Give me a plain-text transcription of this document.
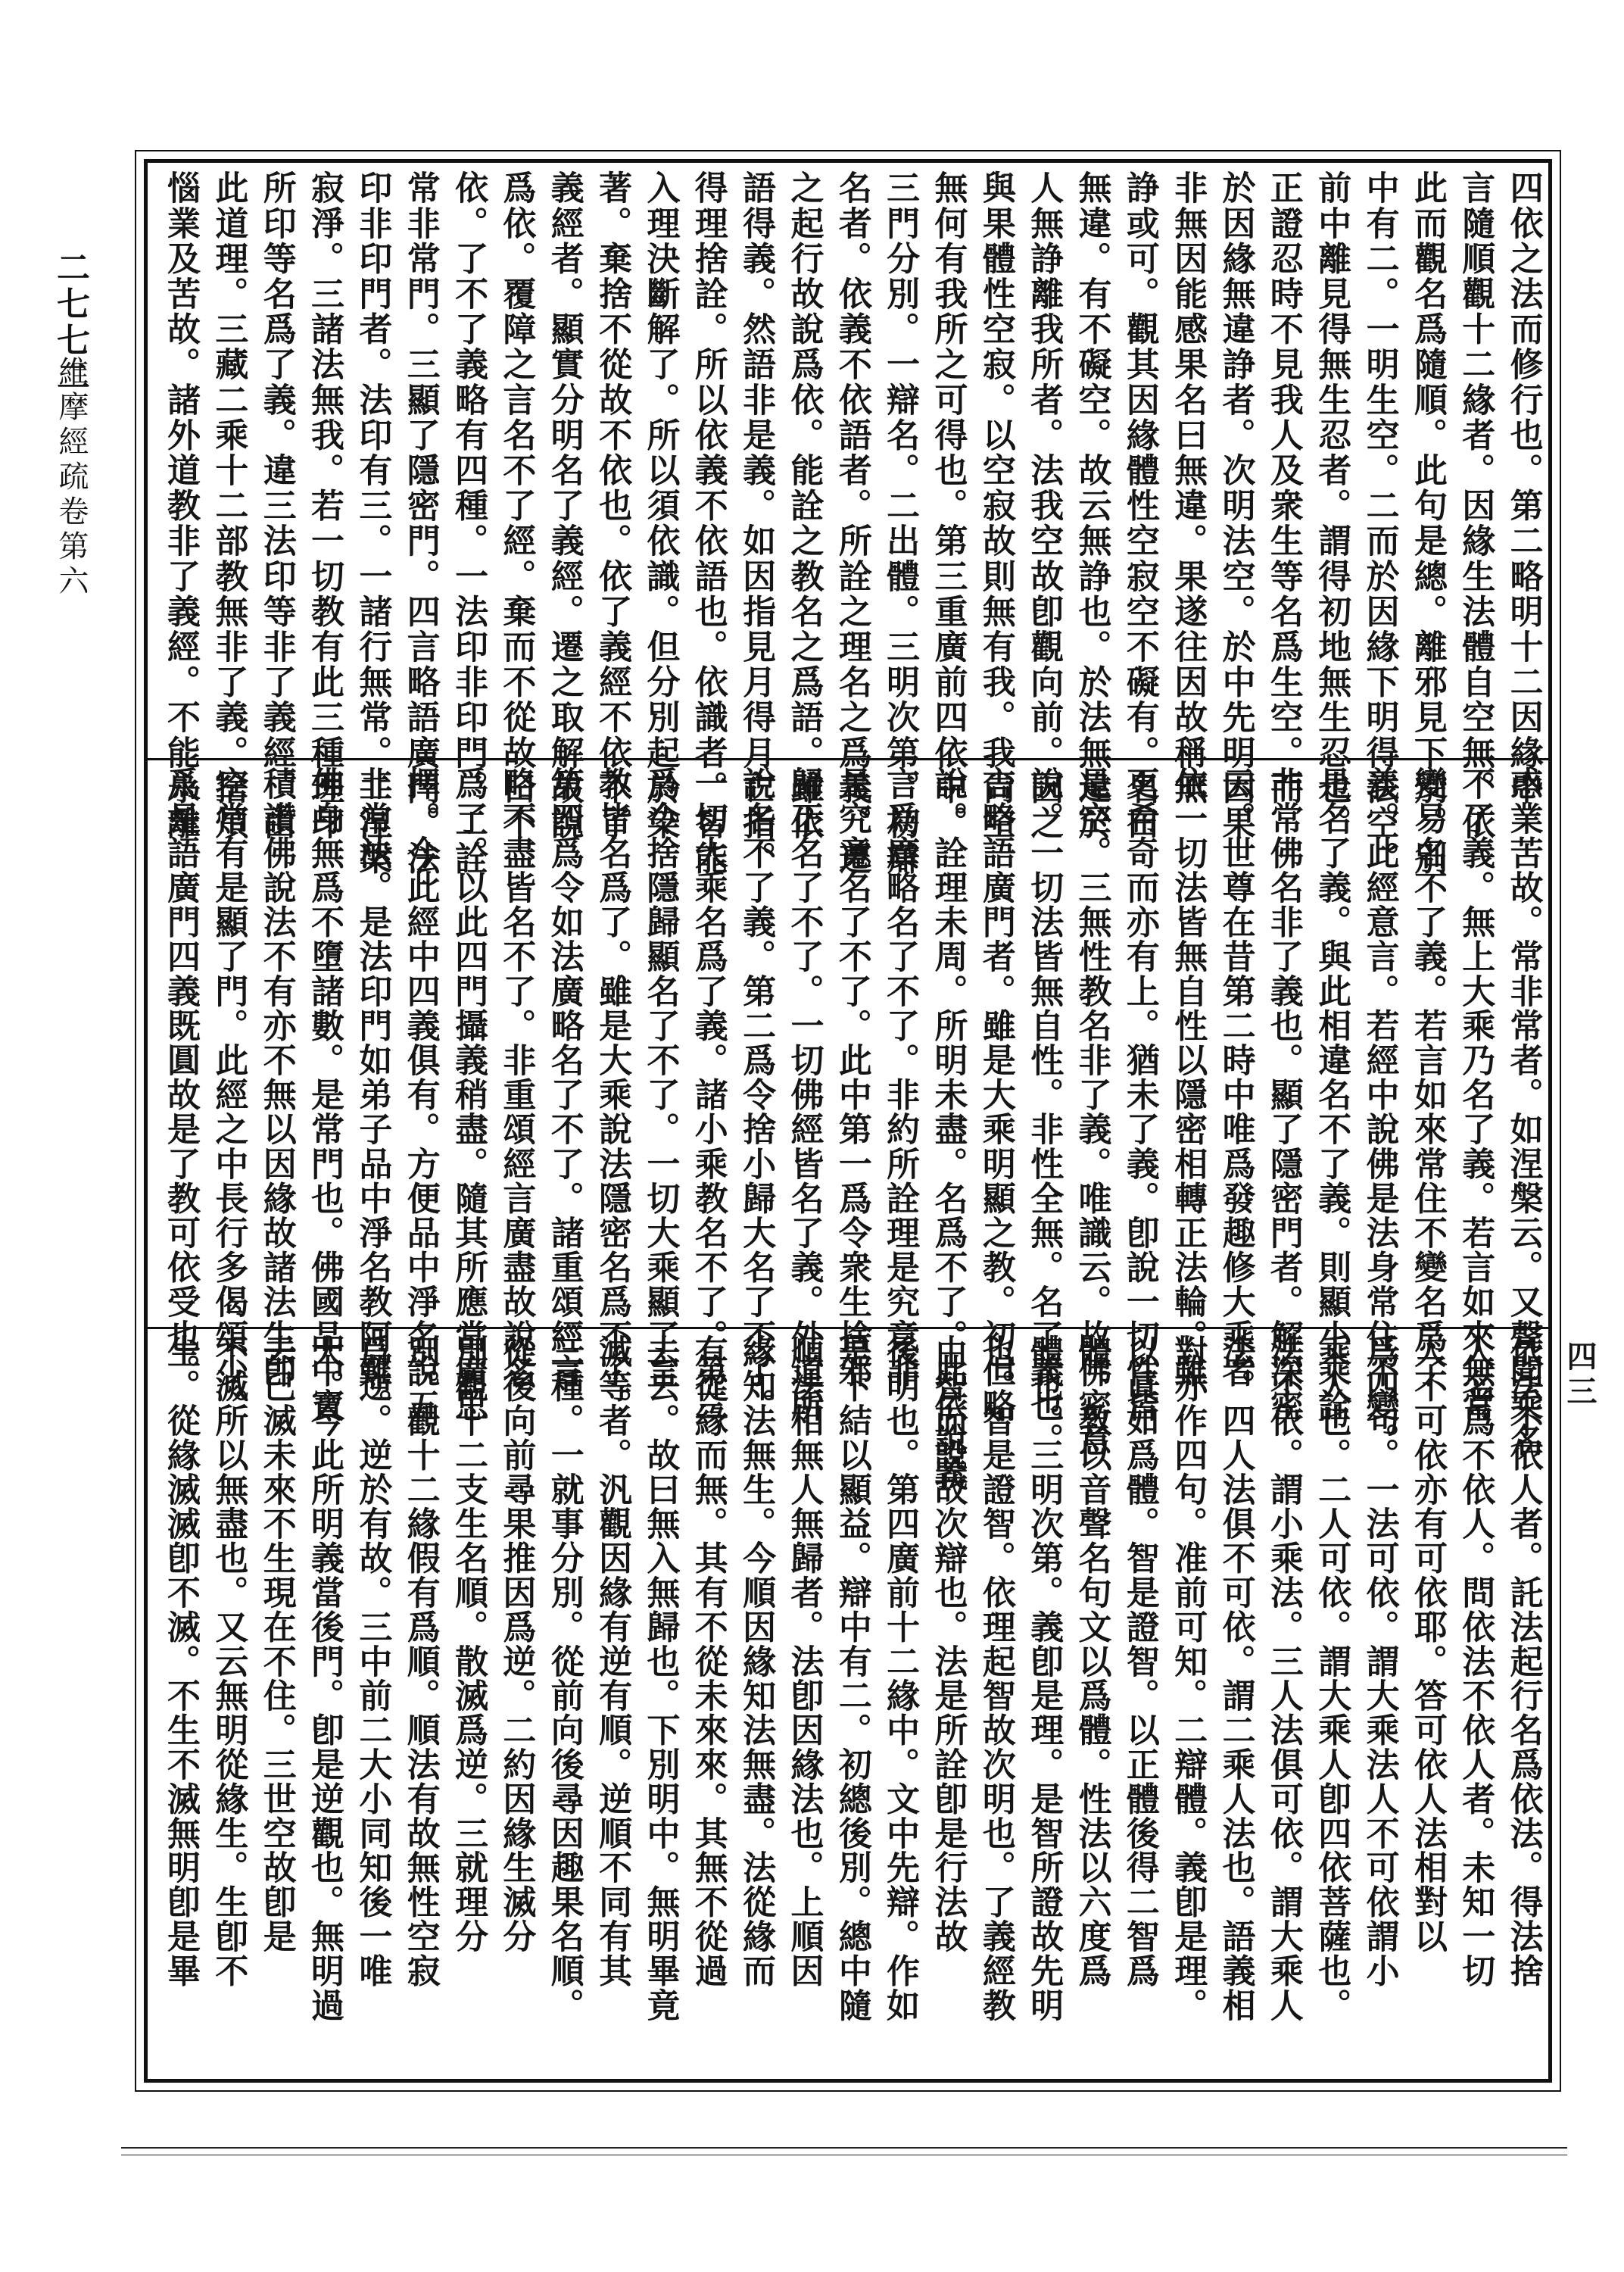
二七七二
維摩經疏卷第六
四三
四依之法而修行也。第二略明十二因緣中
言隨順觀十二緣者。因緣生法體自空無。依
此而觀名爲隨順。此句是總。離邪見下別。別
中有二。一明生空。二而於因緣下明得法空。
前中離見得無生忍者。謂得初地無生忍也。
正證忍時不見我人及衆生等名爲生空。而
於因緣無違諍者。次明法空。於中先明因果
非無因能感果名曰無違。果遂往因故稱無
諍或可。觀其因緣體性空寂空不礙有。名曰
無違。有不礙空。故云無諍也。於法無違於
人無諍離我所者。法我空故卽觀向前。因之
與果體性空寂。以空寂故則無有我。我尙空
無何有我所之可得也。第三重廣前四依中。
三門分別。一辯名。二出體。三明次第。初辯
名者。依義不依語者。所詮之理名之爲義。遷
之起行故說爲依。能詮之教名之爲語。雖依
語得義。然語非是義。如因指見月得月亡指。
得理捨詮。所以依義不依語也。依識者。智能
入理決斷解了。所以須依識。但分別起於染
著。棄捨不從故不依也。依了義經不依不了
義經者。顯實分明名了義經。遷之取解故說
爲依。覆障之言名不了經。棄而不從故曰不
依。了不了義略有四種。一法印非印門。二詮
常非常門。三顯了隱密門。四言略語廣門。法
印非印門者。法印有三。一諸行無常。二涅槃
寂淨。三諸法無我。若一切教有此三種理印
所印等名爲了義。違三法印等非了義經。由
此道理。三藏二乘十二部教無非了義。捨煩
惱業及苦故。諸外道教非了義經。不能永離
惑業苦故。常非常者。如涅槃云。又聲聞乘名
不了義。無上大乘乃名了義。若言如來無常
變易名不了義。若言如來常住不變名爲了
義。此經意言。若經中說佛是法身常住不變。
是名了義。與此相違名不了義。則顯小乘詮
非常佛名非了義也。顯了隱密門者。解深密
云。世尊在昔第二時中唯爲發趣修大乘者
依一切法皆無自性以隱密相轉正法輪。雖
更希奇而亦有上。猶未了義。卽說一切性皆
是空。三無性教名非了義。唯識云。故佛密意
說。一切法皆無自性。非性全無。名了義也。
言略語廣門者。雖是大乘明顯之教。初但略
說。詮理未周。所明未盡。名爲不了。此依說義
言爲廣略名了不了。非約所詮理是究竟非
是究竟名了不了。此中第一爲令衆生捨邪
歸正名了不了。一切佛經皆名了義。外道所
說名不了義。第二爲令捨小歸大名了不了。
一切大乘名爲了義。諸小乘教名不了。第三
爲令捨隱歸顯名了不了。一切大乘顯了言
教皆名爲了。雖是大乘說法隱密名爲不了。
第四爲令如法廣略名了不了。諸重頌經言
略不盡皆名不了。非重頌經言廣盡故說名
爲了。以此四門攝義稍盡。隨其所應當廣思
擇。今此經中四義俱有。方便品中淨名說五
非常法。是法印門如弟子品中淨名教阿難。
佛身無爲不墮諸數。是常門也。佛國品中寶
積讚佛說法不有亦不無以因緣故諸法生卽
空常有是顯了門。此經之中長行多偈頌少。
爲是語廣門四義既圓故是了教可依受也。
依法不依人者。託法起行名爲依法。得法捨
人名爲不依人。問依法不依人者。未知一切
人不可依亦有可依耶。答可依人法相對以
爲四句。一法可依。謂大乘法人不可依謂小
乘人也。二人可依。謂大乘人卽四依菩薩也。
法不依。謂小乘法。三人法俱可依。謂大乘人
法。四人法俱不可依。謂二乘人法也。語義相
對亦作四句。准前可知。二辯體。義卽是理。
以眞如爲體。智是證智。以正體後得二智爲
體。教以音聲名句文以爲體。性法以六度爲
體也。三明次第。義卽是理。是智所證故先明
也。智是證智。依理起智故次明也。了義經教
由智而說故次辯也。法是所詮卽是行法故
後明也。第四廣前十二緣中。文中先辯。作如
是下結以顯益。辯中有二。初總後別。總中隨
順法相無人無歸者。法卽因緣法也。上順因
緣知法無生。今順因緣知法無盡。法從緣而
有從緣而無。其有不從未來來。其無不從過
去去。故曰無入無歸也。下別明中。無明畢竟
滅等者。汎觀因緣有逆有順。逆順不同有其
三種。一就事分別。從前向後尋因趣果名順。
從後向前尋果推因爲逆。二約因緣生滅分
別觀十二支生名順。散滅爲逆。三就理分
別。觀十二緣假有爲順。順法有故無性空寂
爲逆。逆於有故。三中前二大小同知後一唯
大。今此所明義當後門。卽是逆觀也。無明過
去已滅未來不生現在不住。三世空故卽是
不滅所以無盡也。又云無明從緣生。生卽不
生。從緣滅滅卽不滅。不生不滅無明卽是畢
